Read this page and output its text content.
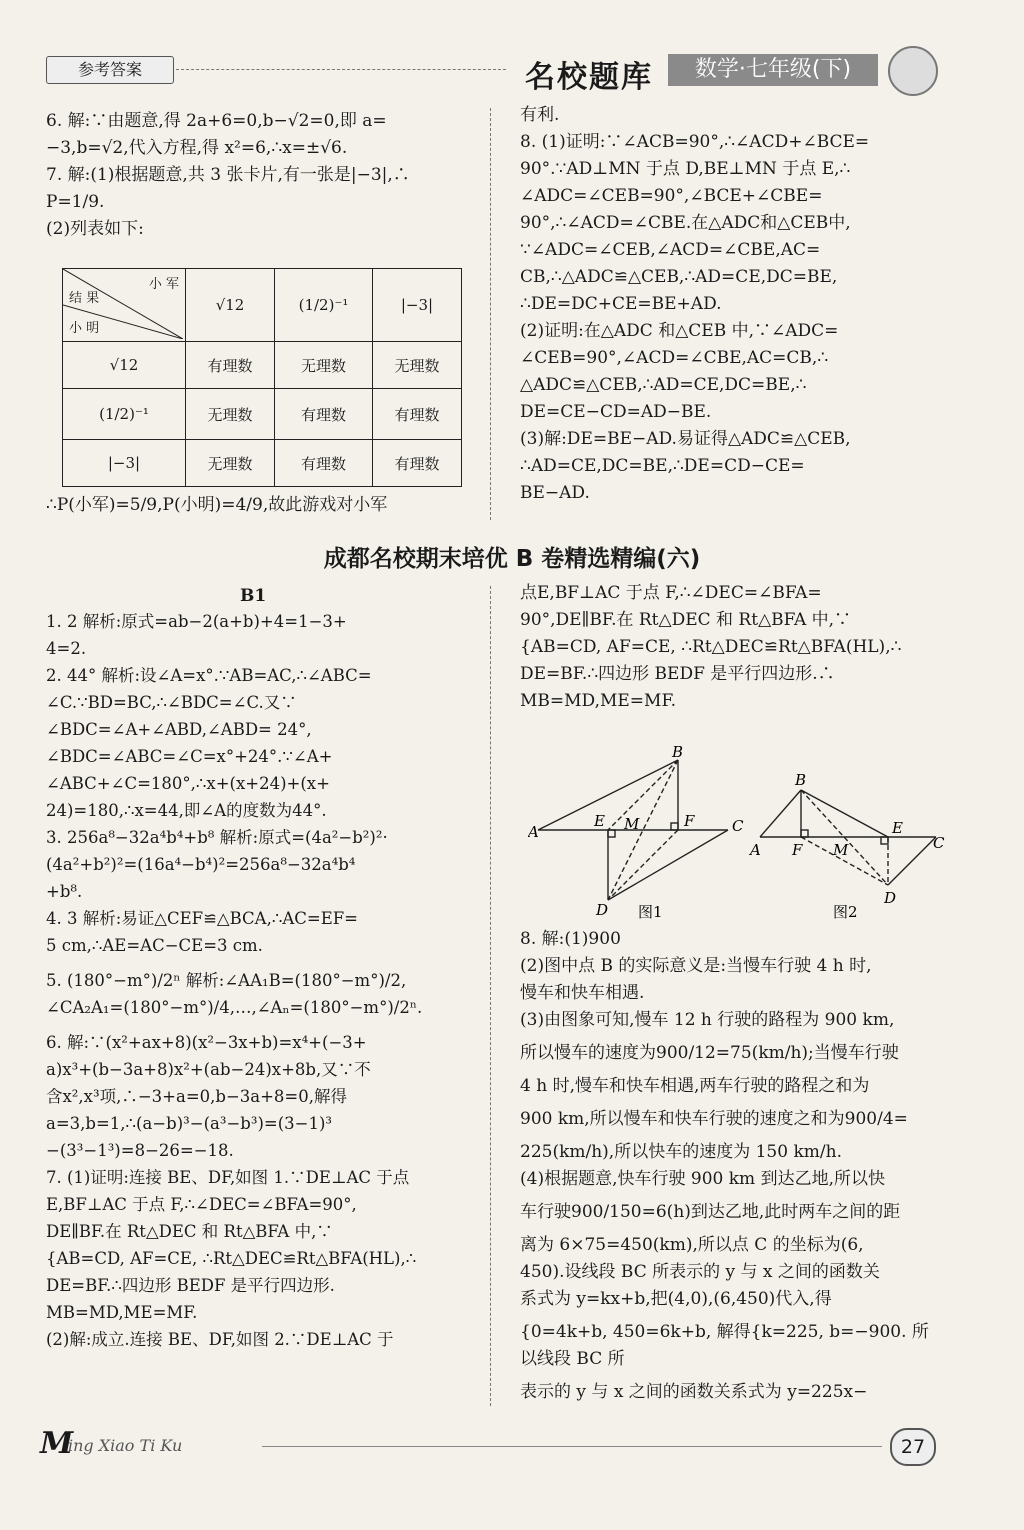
参考答案	名校题库	数学·七年级(下)

6. 解:∵由题意,得 2a+6=0,b−√2=0,即 a=

−3,b=√2,代入方程,得 x²=6,∴x=±√6.

7. 解:(1)根据题意,共 3 张卡片,有一张是|−3|,∴

P=1/9.

(2)列表如下:

小 军
结 果
小 明	√12	(1/2)⁻¹	|−3|
√12	有理数	无理数	无理数
(1/2)⁻¹	无理数	有理数	有理数
|−3|	无理数	有理数	有理数

∴P(小军)=5/9,P(小明)=4/9,故此游戏对小军

有利.

8. (1)证明:∵∠ACB=90°,∴∠ACD+∠BCE=

90°.∵AD⊥MN 于点 D,BE⊥MN 于点 E,∴

∠ADC=∠CEB=90°,∠BCE+∠CBE=

90°,∴∠ACD=∠CBE.在△ADC和△CEB中,

∵∠ADC=∠CEB,∠ACD=∠CBE,AC=

CB,∴△ADC≌△CEB,∴AD=CE,DC=BE,

∴DE=DC+CE=BE+AD.

(2)证明:在△ADC 和△CEB 中,∵∠ADC=

∠CEB=90°,∠ACD=∠CBE,AC=CB,∴

△ADC≌△CEB,∴AD=CE,DC=BE,∴

DE=CE−CD=AD−BE.

(3)解:DE=BE−AD.易证得△ADC≌△CEB,

∴AD=CE,DC=BE,∴DE=CD−CE=

BE−AD.

成都名校期末培优 B 卷精选精编(六)
B1

1. 2 解析:原式=ab−2(a+b)+4=1−3+

4=2.

2. 44° 解析:设∠A=x°.∵AB=AC,∴∠ABC=

∠C.∵BD=BC,∴∠BDC=∠C.又∵

∠BDC=∠A+∠ABD,∠ABD= 24°,

∠BDC=∠ABC=∠C=x°+24°.∵∠A+

∠ABC+∠C=180°,∴x+(x+24)+(x+

24)=180,∴x=44,即∠A的度数为44°.

3. 256a⁸−32a⁴b⁴+b⁸ 解析:原式=(4a²−b²)²·

(4a²+b²)²=(16a⁴−b⁴)²=256a⁸−32a⁴b⁴

+b⁸.

4. 3 解析:易证△CEF≌△BCA,∴AC=EF=

5 cm,∴AE=AC−CE=3 cm.

5. (180°−m°)/2ⁿ 解析:∠AA₁B=(180°−m°)/2,

∠CA₂A₁=(180°−m°)/4,…,∠Aₙ=(180°−m°)/2ⁿ.

6. 解:∵(x²+ax+8)(x²−3x+b)=x⁴+(−3+

a)x³+(b−3a+8)x²+(ab−24)x+8b,又∵不

含x²,x³项,∴−3+a=0,b−3a+8=0,解得

a=3,b=1,∴(a−b)³−(a³−b³)=(3−1)³

−(3³−1³)=8−26=−18.

7. (1)证明:连接 BE、DF,如图 1.∵DE⊥AC 于点

E,BF⊥AC 于点 F,∴∠DEC=∠BFA=90°,

DE∥BF.在 Rt△DEC 和 Rt△BFA 中,∵

{AB=CD, AF=CE, ∴Rt△DEC≌Rt△BFA(HL),∴

DE=BF.∴四边形 BEDF 是平行四边形.

MB=MD,ME=MF.

(2)解:成立.连接 BE、DF,如图 2.∵DE⊥AC 于

点E,BF⊥AC 于点 F,∴∠DEC=∠BFA=

90°,DE∥BF.在 Rt△DEC 和 Rt△BFA 中,∵

{AB=CD, AF=CE, ∴Rt△DEC≌Rt△BFA(HL),∴

DE=BF.∴四边形 BEDF 是平行四边形.∴

MB=MD,ME=MF.

B
A
E M	F	C
D 图1
B
A F M
E
C
D
图2

8. 解:(1)900

(2)图中点 B 的实际意义是:当慢车行驶 4 h 时,

慢车和快车相遇.

(3)由图象可知,慢车 12 h 行驶的路程为 900 km,

所以慢车的速度为900/12=75(km/h);当慢车行驶

4 h 时,慢车和快车相遇,两车行驶的路程之和为

900 km,所以慢车和快车行驶的速度之和为900/4=

225(km/h),所以快车的速度为 150 km/h.

(4)根据题意,快车行驶 900 km 到达乙地,所以快

车行驶900/150=6(h)到达乙地,此时两车之间的距

离为 6×75=450(km),所以点 C 的坐标为(6,

450).设线段 BC 所表示的 y 与 x 之间的函数关

系式为 y=kx+b,把(4,0),(6,450)代入,得

{0=4k+b, 450=6k+b, 解得{k=225, b=−900. 所以线段 BC 所

表示的 y 与 x 之间的函数关系式为 y=225x−

M
ing Xiao Ti Ku	27
